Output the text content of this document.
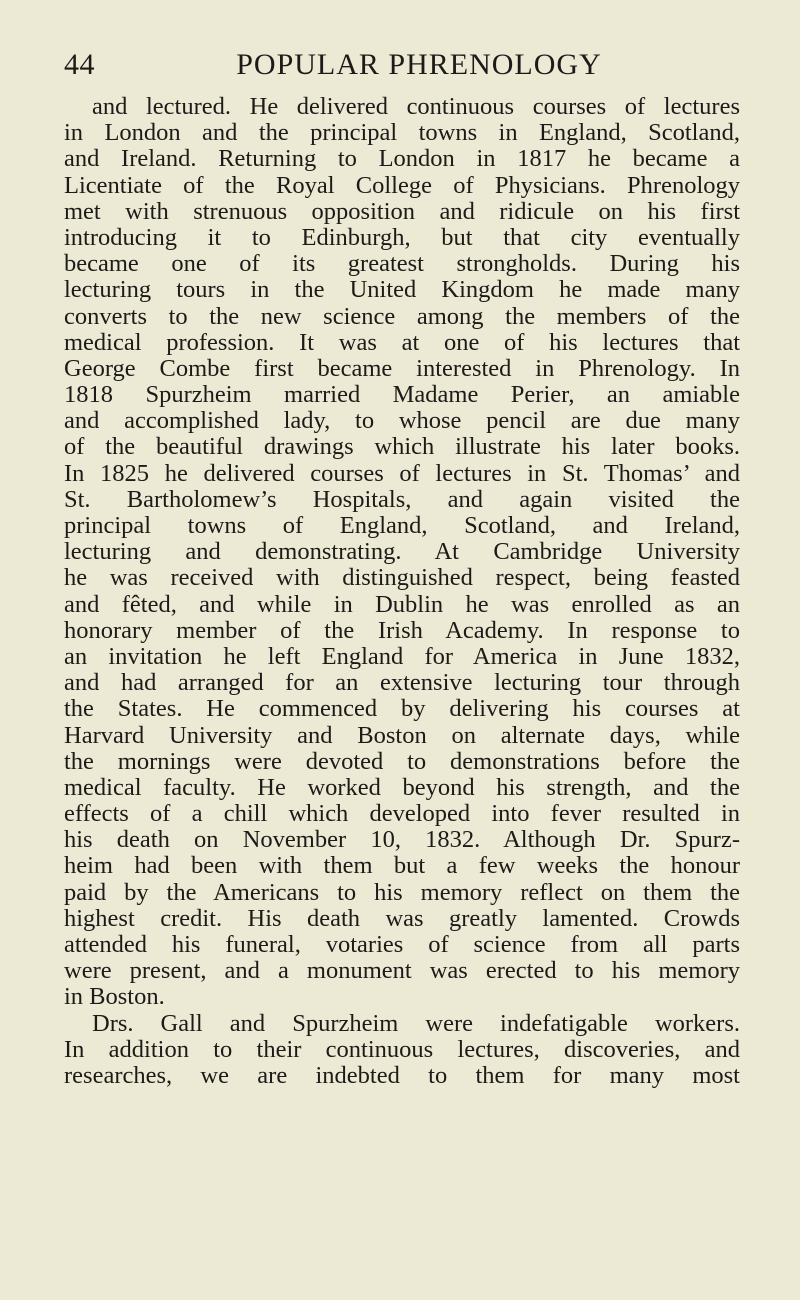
44	POPULAR PHRENOLOGY
and lectured. He delivered continuous courses of lectures
in London and the principal towns in England, Scotland,
and Ireland. Returning to London in 1817 he became a
Licentiate of the Royal College of Physicians. Phrenology
met with strenuous opposition and ridicule on his first
introducing it to Edinburgh, but that city eventually
became one of its greatest strongholds. During his
lecturing tours in the United Kingdom he made many
converts to the new science among the members of the
medical profession. It was at one of his lectures that
George Combe first became interested in Phrenology. In
1818 Spurzheim married Madame Perier, an amiable
and accomplished lady, to whose pencil are due many
of the beautiful drawings which illustrate his later books.
In 1825 he delivered courses of lectures in St. Thomas’ and
St. Bartholomew’s Hospitals, and again visited the
principal towns of England, Scotland, and Ireland,
lecturing and demonstrating. At Cambridge University
he was received with distinguished respect, being feasted
and fêted, and while in Dublin he was enrolled as an
honorary member of the Irish Academy. In response to
an invitation he left England for America in June 1832,
and had arranged for an extensive lecturing tour through
the States. He commenced by delivering his courses at
Harvard University and Boston on alternate days, while
the mornings were devoted to demonstrations before the
medical faculty. He worked beyond his strength, and the
effects of a chill which developed into fever resulted in
his death on November 10, 1832. Although Dr. Spurz-
heim had been with them but a few weeks the honour
paid by the Americans to his memory reflect on them the
highest credit. His death was greatly lamented. Crowds
attended his funeral, votaries of science from all parts
were present, and a monument was erected to his memory
in Boston.
Drs. Gall and Spurzheim were indefatigable workers.
In addition to their continuous lectures, discoveries, and
researches, we are indebted to them for many most
